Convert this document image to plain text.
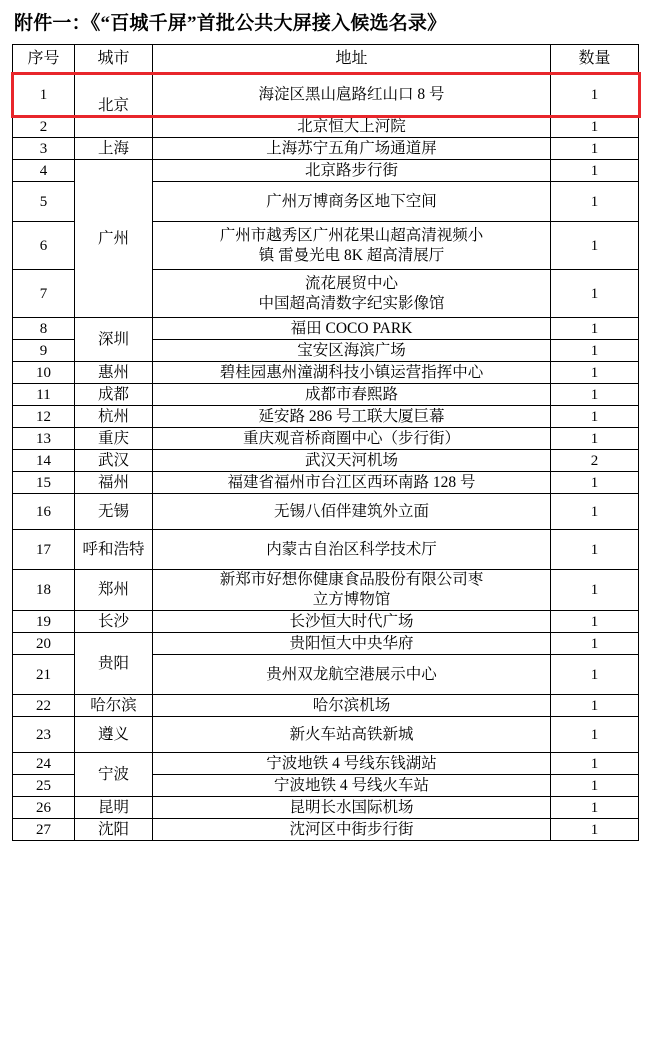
附件一：《“百城千屏”首批公共大屏接入候选名录》
序号	城市	地址	数量
1	北京	海淀区黑山扈路红山口 8 号	1
2		北京恒大上河院	1
3	上海	上海苏宁五角广场通道屏	1
4	广州	北京路步行街	1
5		广州万博商务区地下空间	1
6		广州市越秀区广州花果山超高清视频小
镇 雷曼光电 8K 超高清展厅	1
7		流花展贸中心
中国超高清数字纪实影像馆	1
8	深圳	福田 COCO PARK	1
9		宝安区海滨广场	1
10	惠州	碧桂园惠州潼湖科技小镇运营指挥中心	1
11	成都	成都市春熙路	1
12	杭州	延安路 286 号工联大厦巨幕	1
13	重庆	重庆观音桥商圈中心（步行街）	1
14	武汉	武汉天河机场	2
15	福州	福建省福州市台江区西环南路 128 号	1
16	无锡	无锡八佰伴建筑外立面	1
17	呼和浩特	内蒙古自治区科学技术厅	1
18	郑州	新郑市好想你健康食品股份有限公司枣
立方博物馆	1
19	长沙	长沙恒大时代广场	1
20	贵阳	贵阳恒大中央华府	1
21		贵州双龙航空港展示中心	1
22	哈尔滨	哈尔滨机场	1
23	遵义	新火车站高铁新城	1
24	宁波	宁波地铁 4 号线东钱湖站	1
25		宁波地铁 4 号线火车站	1
26	昆明	昆明长水国际机场	1
27	沈阳	沈河区中街步行街	1
